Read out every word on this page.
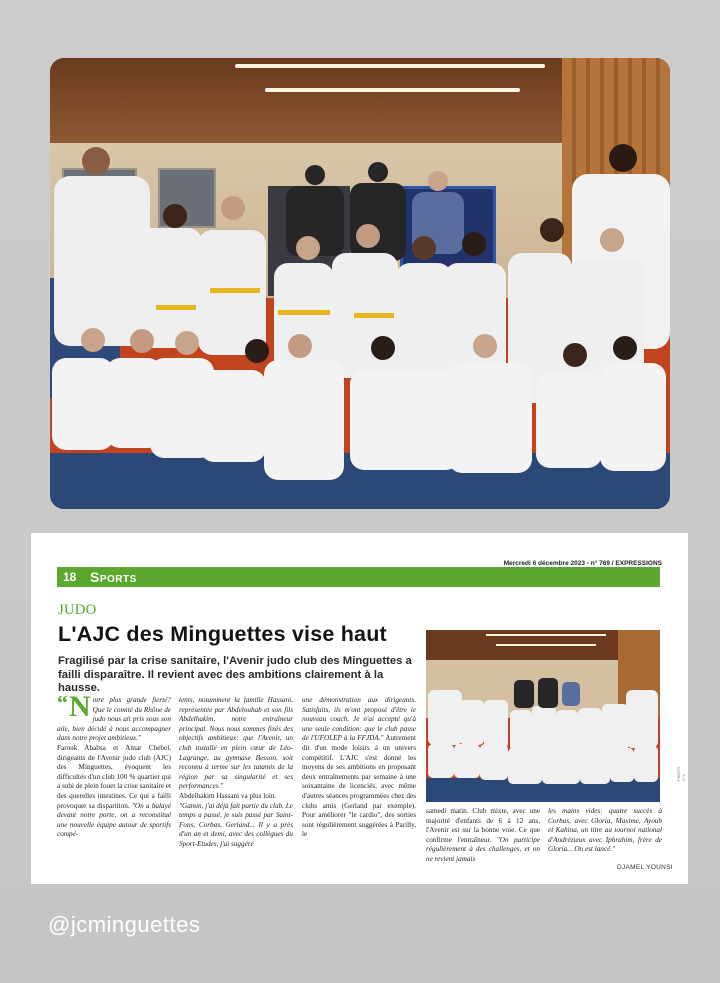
Mercredi 6 décembre 2023 - n° 769 / EXPRESSIONS
18 Sports
JUDO
L'AJC des Minguettes vise haut
Fragilisé par la crise sanitaire, l'Avenir judo club des Minguettes a failli disparaître. Il revient avec des ambitions clairement à la hausse.
“ N otre plus grande fierté? Que le comité du Rhône de judo nous ait pris sous son aile, bien décidé à nous accompagner dans notre projet ambitieux."
Farouk Ababsa et Amar Chebel, dirigeants de l'Avenir judo club (AJC) des Minguettes, évoquent les difficultés d'un club 100 % quartier qui a subi de plein fouet la crise sanitaire et des querelles intestines. Ce qui a failli provoquer sa disparition. "On a balayé devant notre porte, on a reconstitué une nouvelle équipe autour de sportifs compé-
tents, notamment la famille Hassani, représentée par Abdelouhab et son fils Abdelhakim, notre entraîneur principal. Nous nous sommes fixés des objectifs ambitieux: que l'Avenir, un club installé en plein cœur de Léo-Lagrange, au gymnase Besson, soit reconnu à terme sur les tatamis de la région par sa singularité et ses performances."
Abdelhakim Hassani va plus loin.
"Gamin, j'ai déjà fait partie du club. Le temps a passé, je suis passé par Saint-Fons, Corbas, Gerland... Il y a près d'un an et demi, avec des collègues du Sport-Etudes, j'ai suggéré
une démonstration aux dirigeants. Satisfaits, ils m'ont proposé d'être le nouveau coach. Je n'ai accepté qu'à une seule condition: que le club passe de l'UFOLEP à la FFJDA." Autrement dit d'un mode loisirs à un univers compétitif. L'AJC s'est donné les moyens de ses ambitions en proposant deux entraînements par semaine à une soixantaine de licenciés, avec même d'autres séances programmées chez des clubs amis (Gerland par exemple). Pour améliorer "le cardio", des sorties sont régulièrement suggérées à Parilly, le
samedi matin. Club mixte, avec une majorité d'enfants de 6 à 12 ans, l'Avenir est sur la bonne voie. Ce que confirme l'entraîneur. "On participe régulièrement à des challenges, et on ne revient jamais
les mains vides: quatre succès à Corbas, avec Gloria, Maxime, Ayoub et Kahina, un titre au tournoi national d'Andrézieux avec Iphrahim, frère de Gloria... On est lancé."
PHOTO D.Y.
DJAMEL YOUNSI
@jcminguettes
